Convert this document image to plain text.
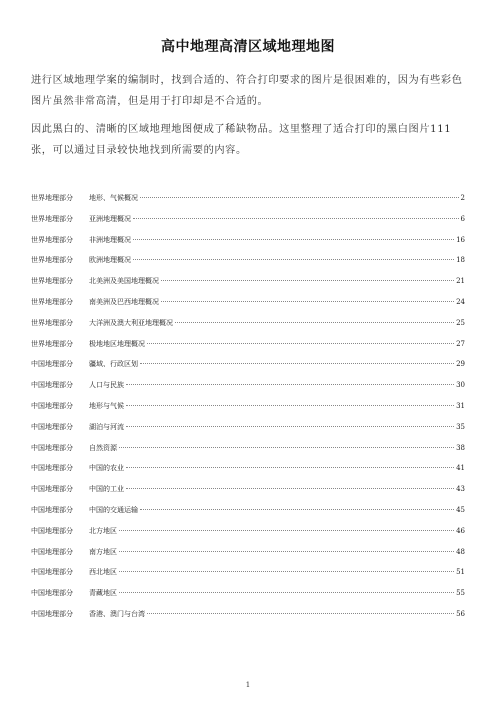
高中地理高清区域地理地图
进行区域地理学案的编制时，找到合适的、符合打印要求的图片是很困难的，因为有些彩色图片虽然非常高清，但是用于打印却是不合适的。
因此黑白的、清晰的区域地理地图便成了稀缺物品。这里整理了适合打印的黑白图片111张，可以通过目录较快地找到所需要的内容。
世界地理部分	地形、气候概况	2
世界地理部分	亚洲地理概况	6
世界地理部分	非洲地理概况	16
世界地理部分	欧洲地理概况	18
世界地理部分	北美洲及美国地理概况	21
世界地理部分	南美洲及巴西地理概况	24
世界地理部分	大洋洲及澳大利亚地理概况	25
世界地理部分	极地地区地理概况	27
中国地理部分	疆域、行政区划	29
中国地理部分	人口与民族	30
中国地理部分	地形与气候	31
中国地理部分	湖泊与河流	35
中国地理部分	自然资源	38
中国地理部分	中国的农业	41
中国地理部分	中国的工业	43
中国地理部分	中国的交通运输	45
中国地理部分	北方地区	46
中国地理部分	南方地区	48
中国地理部分	西北地区	51
中国地理部分	青藏地区	55
中国地理部分	香港、澳门与台湾	56
1
